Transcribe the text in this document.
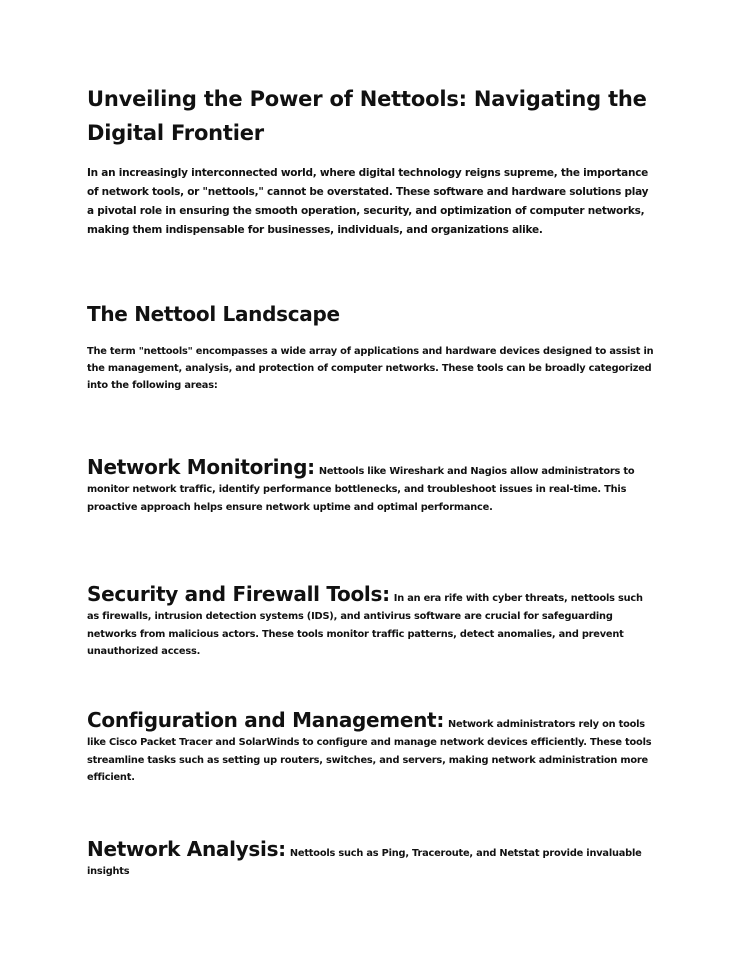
Unveiling the Power of Nettools: Navigating the Digital Frontier

In an increasingly interconnected world, where digital technology reigns supreme, the importance of network tools, or "nettools," cannot be overstated. These software and hardware solutions play a pivotal role in ensuring the smooth operation, security, and optimization of computer networks, making them indispensable for businesses, individuals, and organizations alike.

The Nettool Landscape

The term "nettools" encompasses a wide array of applications and hardware devices designed to assist in the management, analysis, and protection of computer networks. These tools can be broadly categorized into the following areas:

Network Monitoring: Nettools like Wireshark and Nagios allow administrators to monitor network traffic, identify performance bottlenecks, and troubleshoot issues in real-time. This proactive approach helps ensure network uptime and optimal performance.

Security and Firewall Tools: In an era rife with cyber threats, nettools such as firewalls, intrusion detection systems (IDS), and antivirus software are crucial for safeguarding networks from malicious actors. These tools monitor traffic patterns, detect anomalies, and prevent unauthorized access.

Configuration and Management: Network administrators rely on tools like Cisco Packet Tracer and SolarWinds to configure and manage network devices efficiently. These tools streamline tasks such as setting up routers, switches, and servers, making network administration more efficient.

Network Analysis: Nettools such as Ping, Traceroute, and Netstat provide invaluable insights
